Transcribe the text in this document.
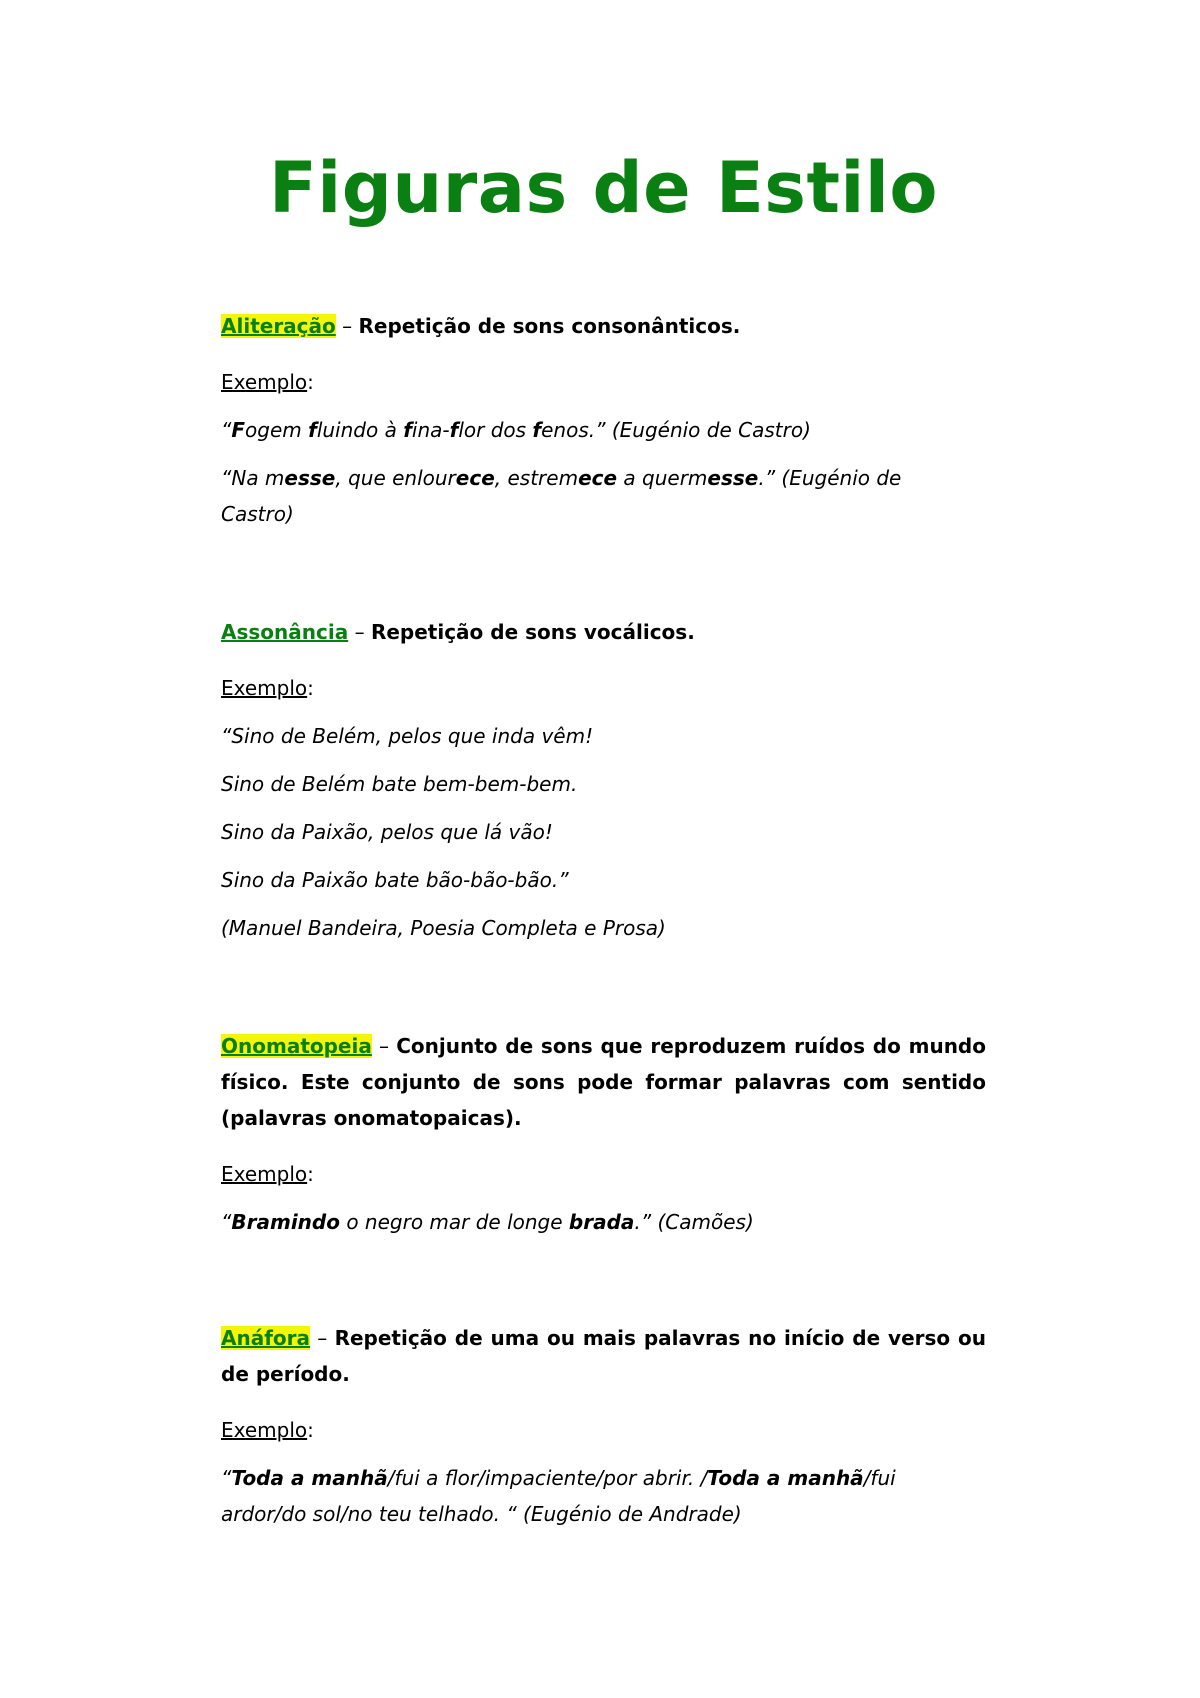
Figuras de Estilo

Aliteração – Repetição de sons consonânticos.

Exemplo:

“Fogem fluindo à fina-flor dos fenos.” (Eugénio de Castro)

“Na messe, que enlourece, estremece a quermesse.” (Eugénio de Castro)

Assonância – Repetição de sons vocálicos.

Exemplo:

“Sino de Belém, pelos que inda vêm!

Sino de Belém bate bem-bem-bem.

Sino da Paixão, pelos que lá vão!

Sino da Paixão bate bão-bão-bão.”

(Manuel Bandeira, Poesia Completa e Prosa)

Onomatopeia – Conjunto de sons que reproduzem ruídos do mundo físico. Este conjunto de sons pode formar palavras com sentido (palavras onomatopaicas).

Exemplo:

“Bramindo o negro mar de longe brada.” (Camões)

Anáfora – Repetição de uma ou mais palavras no início de verso ou de período.

Exemplo:

“Toda a manhã/fui a flor/impaciente/por abrir. /Toda a manhã/fui ardor/do sol/no teu telhado. “ (Eugénio de Andrade)
